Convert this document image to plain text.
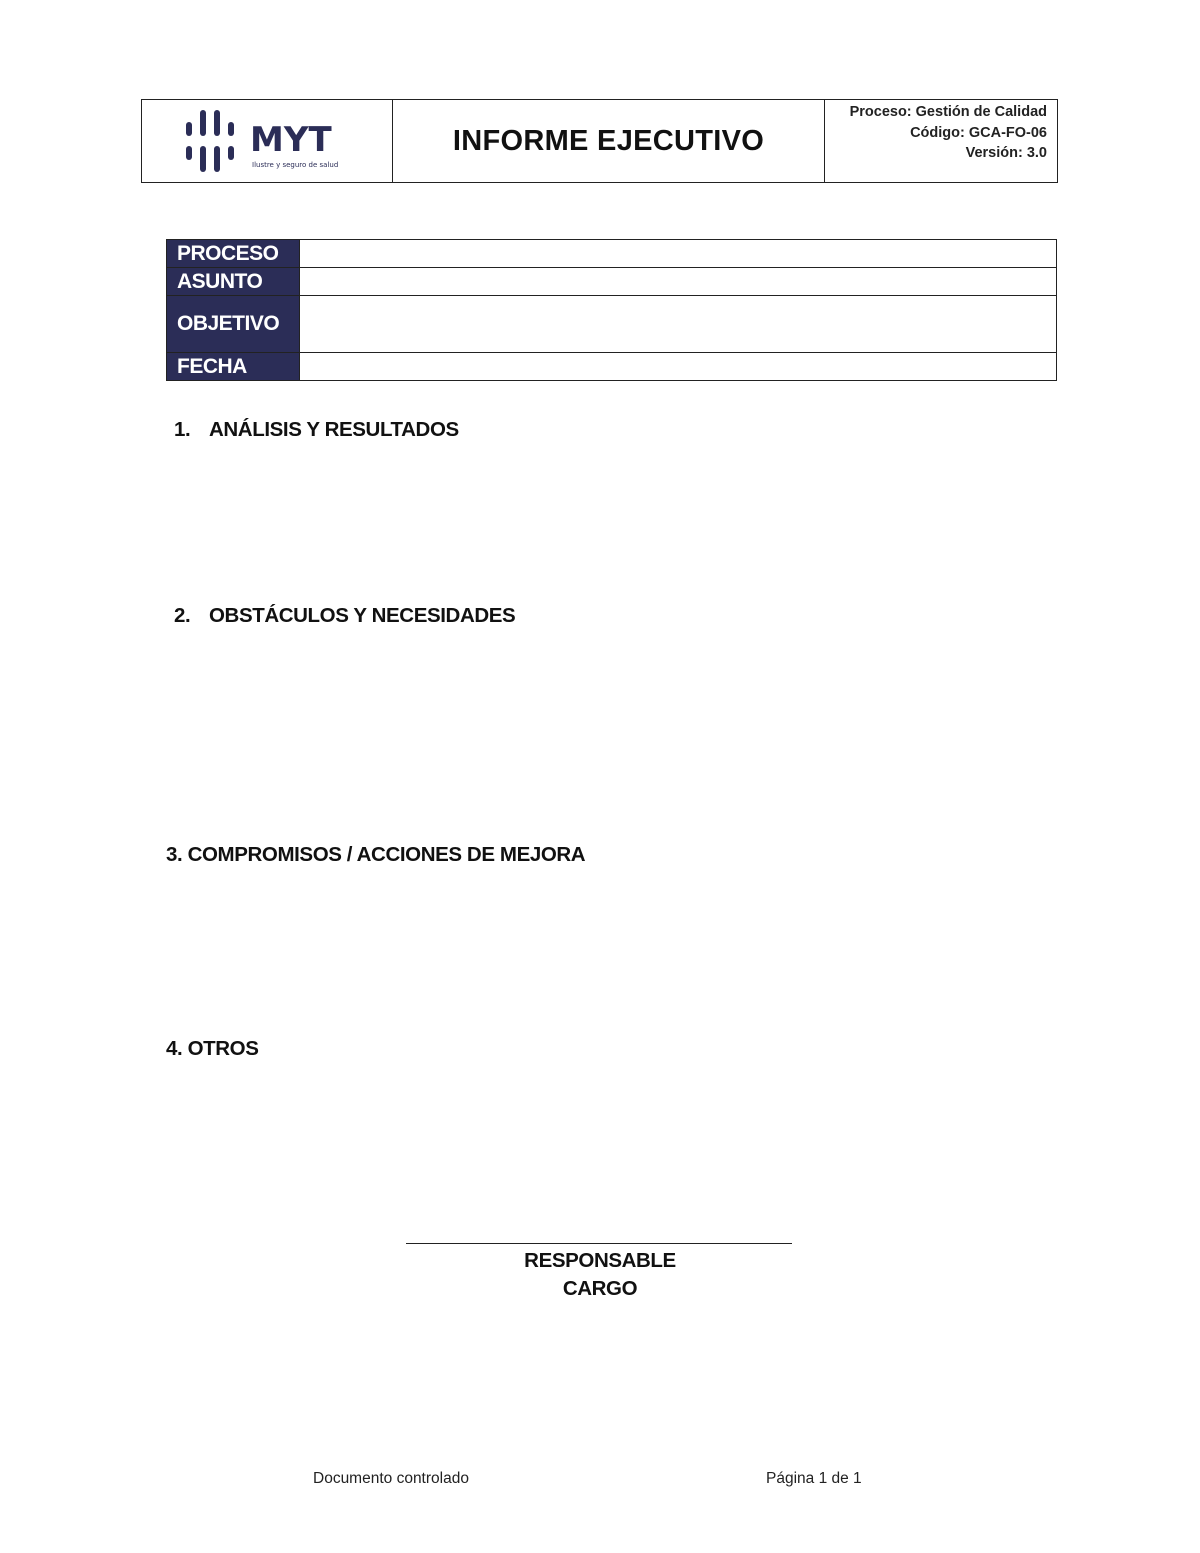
MYT
Ilustre y seguro de salud
INFORME EJECUTIVO
Proceso: Gestión de Calidad
Código: GCA-FO-06
Versión: 3.0
PROCESO	
ASUNTO	
OBJETIVO	
FECHA	
1. ANÁLISIS Y RESULTADOS
2. OBSTÁCULOS Y NECESIDADES
3. COMPROMISOS / ACCIONES DE MEJORA
4. OTROS
RESPONSABLE
CARGO
Documento controlado	Página 1 de 1
